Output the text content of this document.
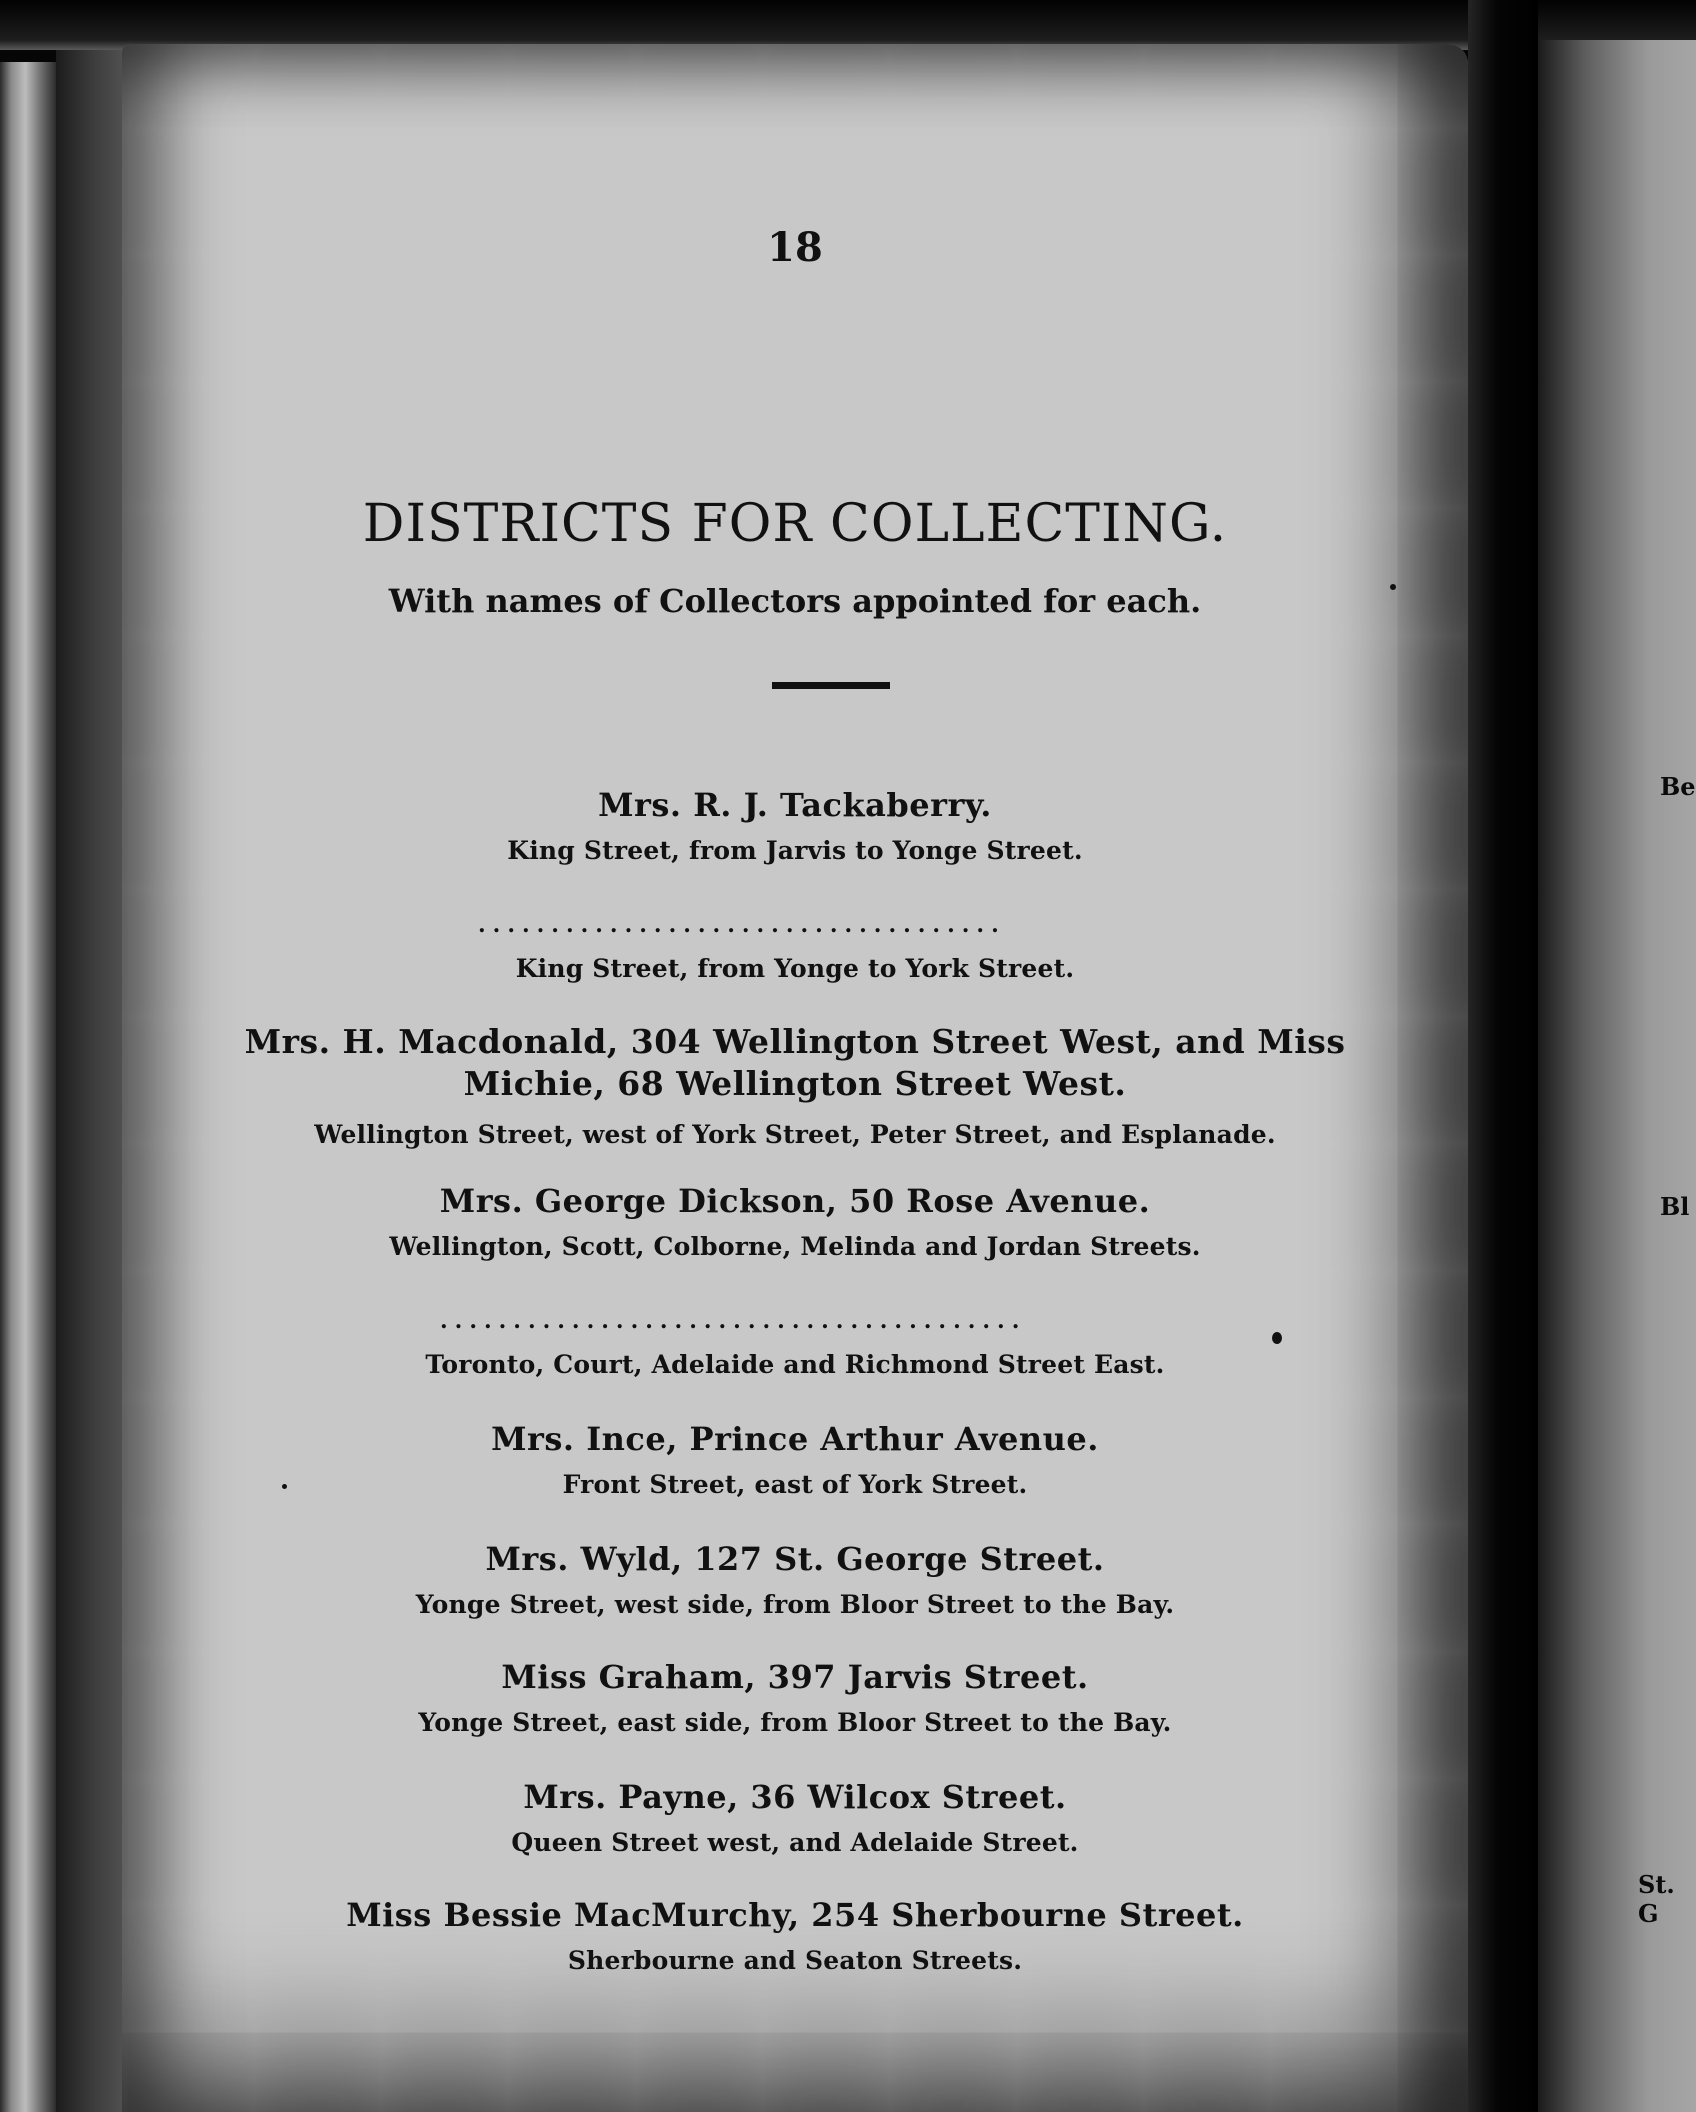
Be
Bl
St. G
18
DISTRICTS FOR COLLECTING.
With names of Collectors appointed for each.
Mrs. R. J. Tackaberry.
King Street, from Jarvis to Yonge Street.
....................................
King Street, from Yonge to York Street.
Mrs. H. Macdonald, 304 Wellington Street West, and Miss
Michie, 68 Wellington Street West.
Wellington Street, west of York Street, Peter Street, and Esplanade.
Mrs. George Dickson, 50 Rose Avenue.
Wellington, Scott, Colborne, Melinda and Jordan Streets.
........................................
Toronto, Court, Adelaide and Richmond Street East.
Mrs. Ince, Prince Arthur Avenue.
Front Street, east of York Street.
Mrs. Wyld, 127 St. George Street.
Yonge Street, west side, from Bloor Street to the Bay.
Miss Graham, 397 Jarvis Street.
Yonge Street, east side, from Bloor Street to the Bay.
Mrs. Payne, 36 Wilcox Street.
Queen Street west, and Adelaide Street.
Miss Bessie MacMurchy, 254 Sherbourne Street.
Sherbourne and Seaton Streets.
